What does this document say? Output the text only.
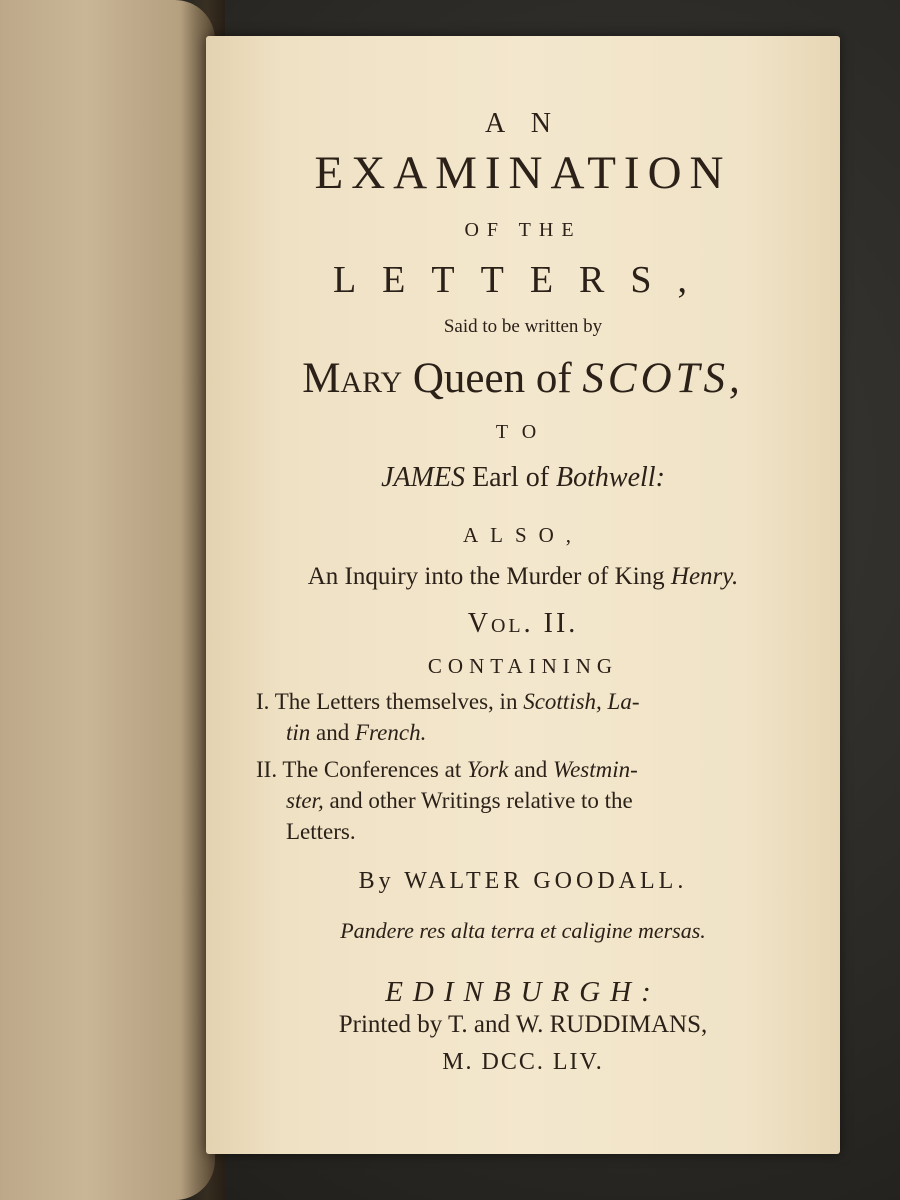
A N
EXAMINATION
OF THE
LETTERS,
Said to be written by
Mary Queen of SCOTS,
TO
JAMES Earl of Bothwell:
ALSO,
An Inquiry into the Murder of King Henry.
Vol. II.
CONTAINING
I. The Letters themselves, in Scottish, La-
tin and French.
II. The Conferences at York and Westmin-
ster, and other Writings relative to the
Letters.
By WALTER GOODALL.
Pandere res alta terra et caligine mersas.
EDINBURGH:
Printed by T. and W. RUDDIMANS,
M. DCC. LIV.
